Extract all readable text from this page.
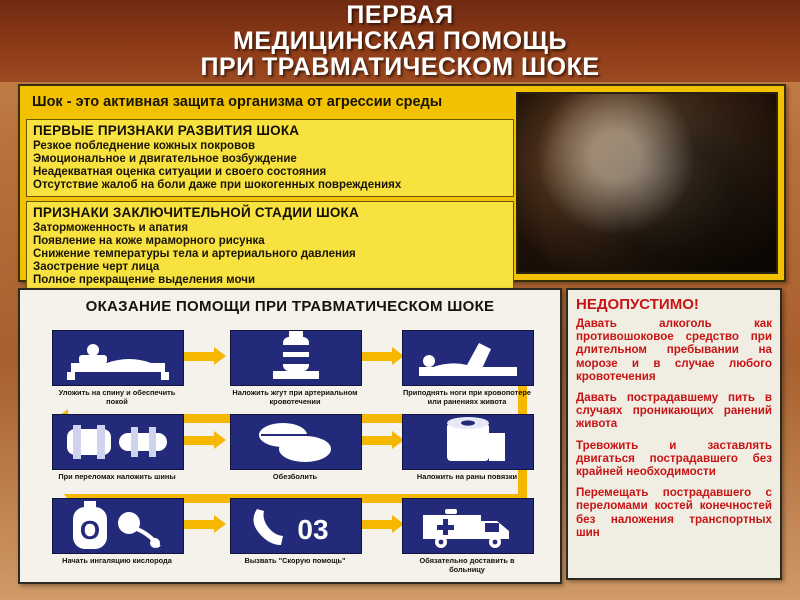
ПЕРВАЯ
МЕДИЦИНСКАЯ ПОМОЩЬ
ПРИ ТРАВМАТИЧЕСКОМ ШОКЕ
Шок - это активная защита организма от агрессии среды
ПЕРВЫЕ ПРИЗНАКИ РАЗВИТИЯ ШОКА
Резкое побледнение кожных покровов
Эмоциональное и двигательное возбуждение
Неадекватная оценка ситуации и своего состояния
Отсутствие жалоб на боли даже при шокогенных повреждениях
ПРИЗНАКИ ЗАКЛЮЧИТЕЛЬНОЙ СТАДИИ ШОКА
Заторможенность и апатия
Появление на коже мраморного рисунка
Снижение температуры тела и артериального давления
Заострение черт лица
Полное прекращение выделения мочи
ОКАЗАНИЕ ПОМОЩИ ПРИ ТРАВМАТИЧЕСКОМ ШОКЕ
Уложить на спину и обеспечить покой
Наложить жгут при артериальном кровотечении
Приподнять ноги при кровопотере или ранениях живота
При переломах наложить шины	Обезболить	Наложить на раны повязки
O
Начать ингаляцию кислорода
03
Вызвать "Скорую помощь"	Обязательно доставить в больницу
НЕДОПУСТИМО!

Давать алкоголь как противошоковое средство при длительном пребывании на морозе и в случае любого кровотечения

Давать пострадавшему пить в случаях проникающих ранений живота

Тревожить и заставлять двигаться пострадавшего без крайней необходимости

Перемещать пострадавшего с переломами костей конечностей без наложения транспортных шин
